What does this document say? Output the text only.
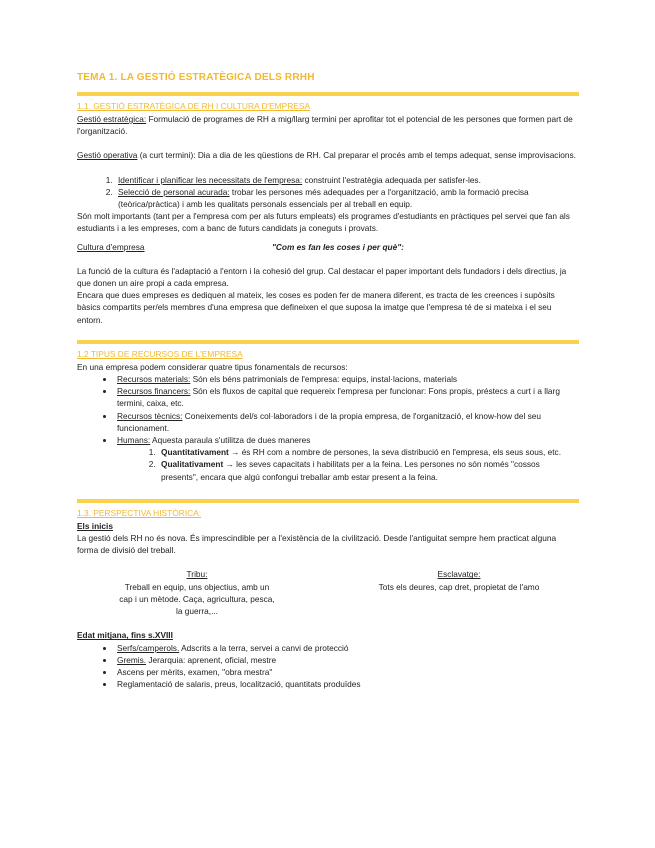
TEMA 1. LA GESTIÓ ESTRATÈGICA DELS RRHH
1.1. GESTIÓ ESTRATÈGICA DE RH I CULTURA D'EMPRESA

Gestió estratègica: Formulació de programes de RH a mig/llarg termini per aprofitar tot el potencial de les persones que formen part de l'organització.

Gestió operativa (a curt termini): Dia a dia de les qüestions de RH. Cal preparar el procés amb el temps adequat, sense improvisacions.

1. Identificar i planificar les necessitats de l'empresa: construint l'estratègia adequada per satisfer-les.
2. Selecció de personal acurada: trobar les persones més adequades per a l'organització, amb la formació precisa (teòrica/pràctica) i amb les qualitats personals essencials per al treball en equip.

Són molt importants (tant per a l'empresa com per als futurs empleats) els programes d'estudiants en pràctiques pel servei que fan als estudiants i a les empreses, com a banc de futurs candidats ja coneguts i provats.

Cultura d'empresa	"Com es fan les coses i per què":

La funció de la cultura és l'adaptació a l'entorn i la cohesió del grup. Cal destacar el paper important dels fundadors i dels directius, ja que donen un aire propi a cada empresa.

Encara que dues empreses es dediquen al mateix, les coses es poden fer de manera diferent, es tracta de les creences i supòsits bàsics compartits per/els membres d'una empresa que defineixen el que suposa la imatge que l'empresa té de si mateixa i el seu entorn.

1.2 TIPUS DE RECURSOS DE L'EMPRESA

En una empresa podem considerar quatre tipus fonamentals de recursos:

• Recursos materials: Són els béns patrimonials de l'empresa: equips, instal·lacions, materials
• Recursos financers: Són els fluxos de capital que requereix l'empresa per funcionar: Fons propis, préstecs a curt i a llarg termini, caixa, etc.
• Recursos tècnics: Coneixements del/s col·laboradors i de la propia empresa, de l'organització, el know-how del seu funcionament.
• Humans: Aquesta paraula s'utilitza de dues maneres
1. Quantitativament → és RH com a nombre de persones, la seva distribució en l'empresa, els seus sous, etc.
2. Qualitativament → les seves capacitats i habilitats per a la feina. Les persones no són només "cossos presents", encara que algú confongui treballar amb estar present a la feina.
1.3. PERSPECTIVA HISTÒRICA:

Els inicis

La gestió dels RH no és nova. És imprescindible per a l'existència de la civilització. Desde l'antiguitat sempre hem practicat alguna forma de divisió del treball.

Tribu:
Treball en equip, uns objectius, amb un cap i un mètode. Caça, agricultura, pesca, la guerra,...
Esclavatge:
Tots els deures, cap dret, propietat de l'amo

Edat mitjana, fins s.XVIII

• Serfs/camperols. Adscrits a la terra, servei a canvi de protecció
• Gremis. Jerarquia: aprenent, oficial, mestre
• Ascens per mèrits, examen, "obra mestra"
• Reglamentació de salaris, preus, localització, quantitats produïdes
